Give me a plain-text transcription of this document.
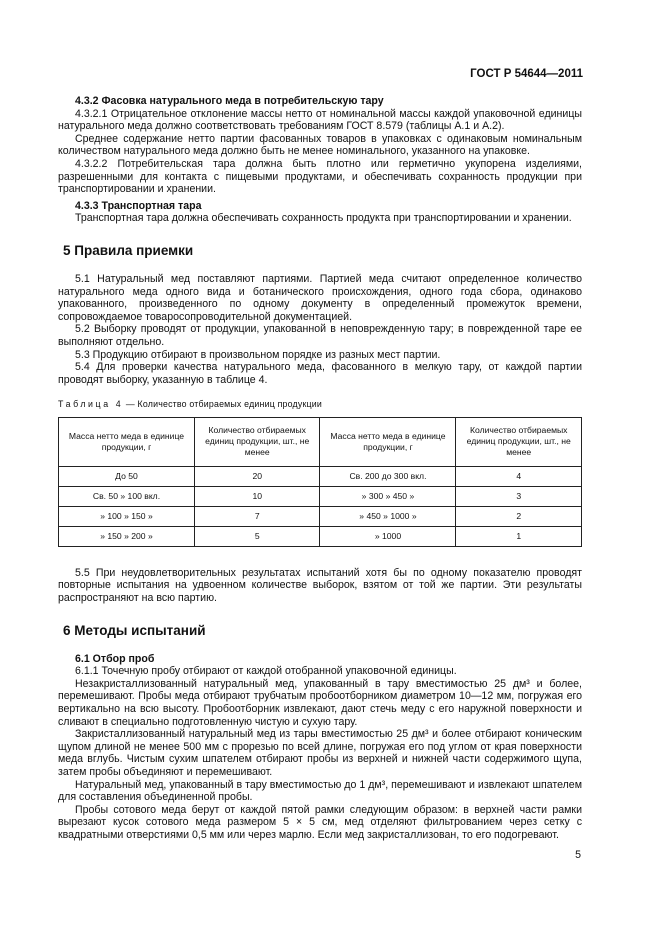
ГОСТ Р 54644—2011

4.3.2 Фасовка натурального меда в потребительскую тару

4.3.2.1 Отрицательное отклонение массы нетто от номинальной массы каждой упаковочной единицы натурального меда должно соответствовать требованиям ГОСТ 8.579 (таблицы А.1 и А.2).

Среднее содержание нетто партии фасованных товаров в упаковках с одинаковым номинальным количеством натурального меда должно быть не менее номинального, указанного на упаковке.

4.3.2.2 Потребительская тара должна быть плотно или герметично укупорена изделиями, разрешенными для контакта с пищевыми продуктами, и обеспечивать сохранность продукции при транспортировании и хранении.

4.3.3 Транспортная тара

Транспортная тара должна обеспечивать сохранность продукта при транспортировании и хранении.

5 Правила приемки

5.1 Натуральный мед поставляют партиями. Партией меда считают определенное количество натурального меда одного вида и ботанического происхождения, одного года сбора, одинаково упакованного, произведенного по одному документу в определенный промежуток времени, сопровождаемое товаросопроводительной документацией.

5.2 Выборку проводят от продукции, упакованной в неповрежденную тару; в поврежденной таре ее выполняют отдельно.

5.3 Продукцию отбирают в произвольном порядке из разных мест партии.

5.4 Для проверки качества натурального меда, фасованного в мелкую тару, от каждой партии проводят выборку, указанную в таблице 4.

Таблица 4 — Количество отбираемых единиц продукции
Масса нетто меда в единице продукции, г	Количество отбираемых единиц продукции, шт., не менее	Масса нетто меда в единице продукции, г	Количество отбираемых единиц продукции, шт., не менее
До 50	20	Св. 200 до 300 вкл.	4
Св. 50 » 100 вкл.	10	» 300 » 450 »	3
» 100 » 150 »	7	» 450 » 1000 »	2
» 150 » 200 »	5	» 1000	1

5.5 При неудовлетворительных результатах испытаний хотя бы по одному показателю проводят повторные испытания на удвоенном количестве выборок, взятом от той же партии. Эти результаты распространяют на всю партию.

6 Методы испытаний

6.1 Отбор проб

6.1.1 Точечную пробу отбирают от каждой отобранной упаковочной единицы.

Незакристаллизованный натуральный мед, упакованный в тару вместимостью 25 дм³ и более, перемешивают. Пробы меда отбирают трубчатым пробоотборником диаметром 10—12 мм, погружая его вертикально на всю высоту. Пробоотборник извлекают, дают стечь меду с его наружной поверхности и сливают в специально подготовленную чистую и сухую тару.

Закристаллизованный натуральный мед из тары вместимостью 25 дм³ и более отбирают коническим щупом длиной не менее 500 мм с прорезью по всей длине, погружая его под углом от края поверхности меда вглубь. Чистым сухим шпателем отбирают пробы из верхней и нижней части содержимого щупа, затем пробы объединяют и перемешивают.

Натуральный мед, упакованный в тару вместимостью до 1 дм³, перемешивают и извлекают шпателем для составления объединенной пробы.

Пробы сотового меда берут от каждой пятой рамки следующим образом: в верхней части рамки вырезают кусок сотового меда размером 5 × 5 см, мед отделяют фильтрованием через сетку с квадратными отверстиями 0,5 мм или через марлю. Если мед закристаллизован, то его подогревают.

5
